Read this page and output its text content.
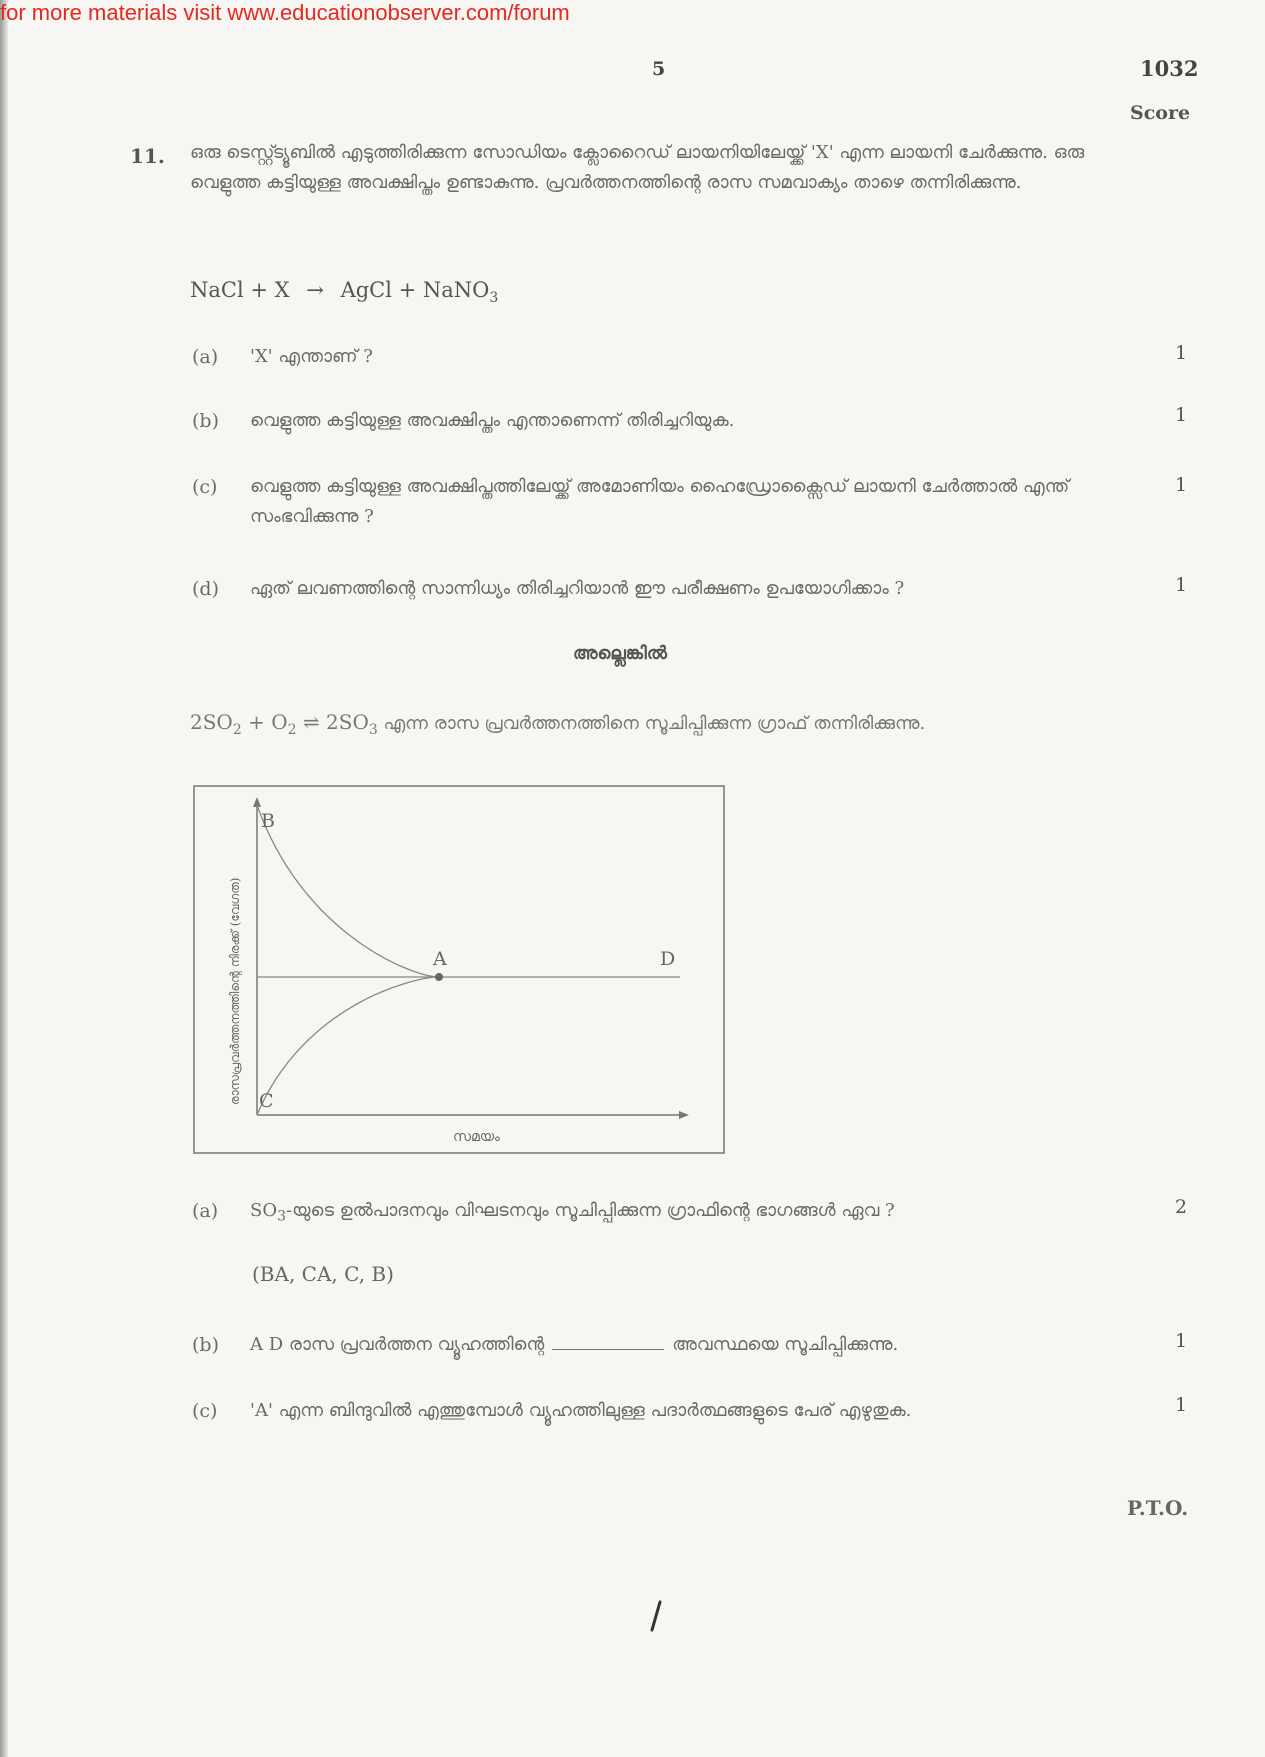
for more materials visit www.educationobserver.com/forum
5	1032
Score
11. ഒരു ടെസ്റ്റ്ട്യൂബിൽ എടുത്തിരിക്കുന്ന സോഡിയം ക്ലോറൈഡ് ലായനിയിലേയ്ക്ക് 'X' എന്ന ലായനി ചേർക്കുന്നു. ഒരു വെളുത്ത കട്ടിയുള്ള അവക്ഷിപ്തം ഉണ്ടാകുന്നു. പ്രവർത്തനത്തിന്റെ രാസ സമവാക്യം താഴെ തന്നിരിക്കുന്നു.
NaCl + X → AgCl + NaNO$_3$
(a) 'X' എന്താണ് ?	1
(b) വെളുത്ത കട്ടിയുള്ള അവക്ഷിപ്തം എന്താണെന്ന് തിരിച്ചറിയുക.	1
(c) വെളുത്ത കട്ടിയുള്ള അവക്ഷിപ്തത്തിലേയ്ക്ക് അമോണിയം ഹൈഡ്രോക്സൈഡ് ലായനി ചേർത്താൽ എന്ത് സംഭവിക്കുന്നു ?
1
(d) ഏത് ലവണത്തിന്റെ സാന്നിധ്യം തിരിച്ചറിയാൻ ഈ പരീക്ഷണം ഉപയോഗിക്കാം ?	1
അല്ലെങ്കിൽ
$2SO_2 + O_2$ ⇌ $2SO_3$ എന്ന രാസ പ്രവർത്തനത്തിനെ സൂചിപ്പിക്കുന്ന ഗ്രാഫ് തന്നിരിക്കുന്നു.
B
C
A	D
സമയം
രാസപ്രവർത്തനത്തിന്റെ നിരക്ക് (വേഗത)
(a) $SO_3-യുടെ$ ഉൽപാദനവും വിഘടനവും സൂചിപ്പിക്കുന്ന ഗ്രാഫിന്റെ ഭാഗങ്ങൾ ഏവ ?	2
(BA, CA, C, B)
(b) A D രാസ പ്രവർത്തന വ്യൂഹത്തിന്റെ	അവസ്ഥയെ സൂചിപ്പിക്കുന്നു.	1
(c) 'A' എന്ന ബിന്ദുവിൽ എത്തുമ്പോൾ വ്യൂഹത്തിലുള്ള പദാർത്ഥങ്ങളുടെ പേര് എഴുതുക.	1
P.T.O.
